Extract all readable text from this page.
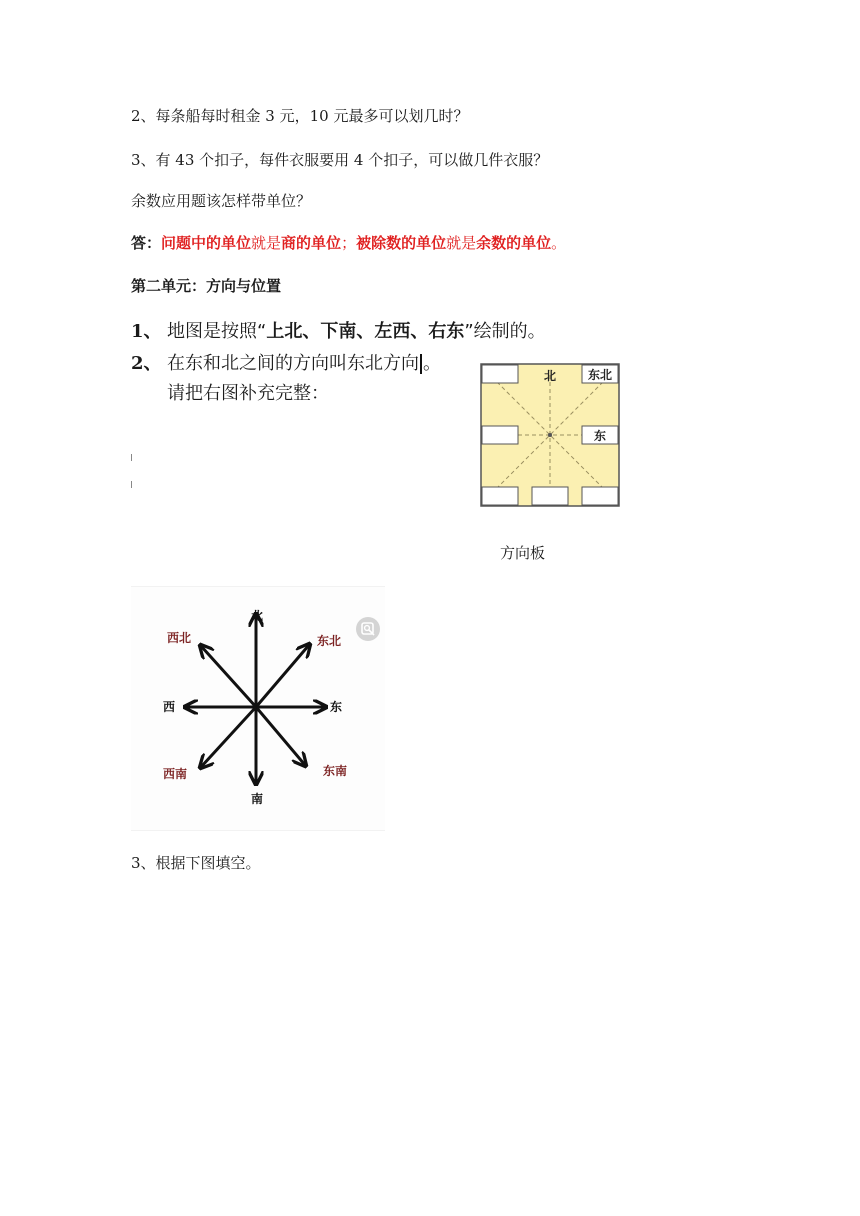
2、每条船每时租金 3 元，10 元最多可以划几时？
3、有 43 个扣子，每件衣服要用 4 个扣子，可以做几件衣服？
余数应用题该怎样带单位？
答：问题中的单位就是商的单位；被除数的单位就是余数的单位。
第二单元：方向与位置
1、 地图是按照“上北、下南、左西、右东”绘制的。
2、 在东和北之间的方向叫东北方向 。
请把右图补充完整：
北	东北
东
方向板
北
南
东
西
东北
西北
东南
西南
3、根据下图填空。
